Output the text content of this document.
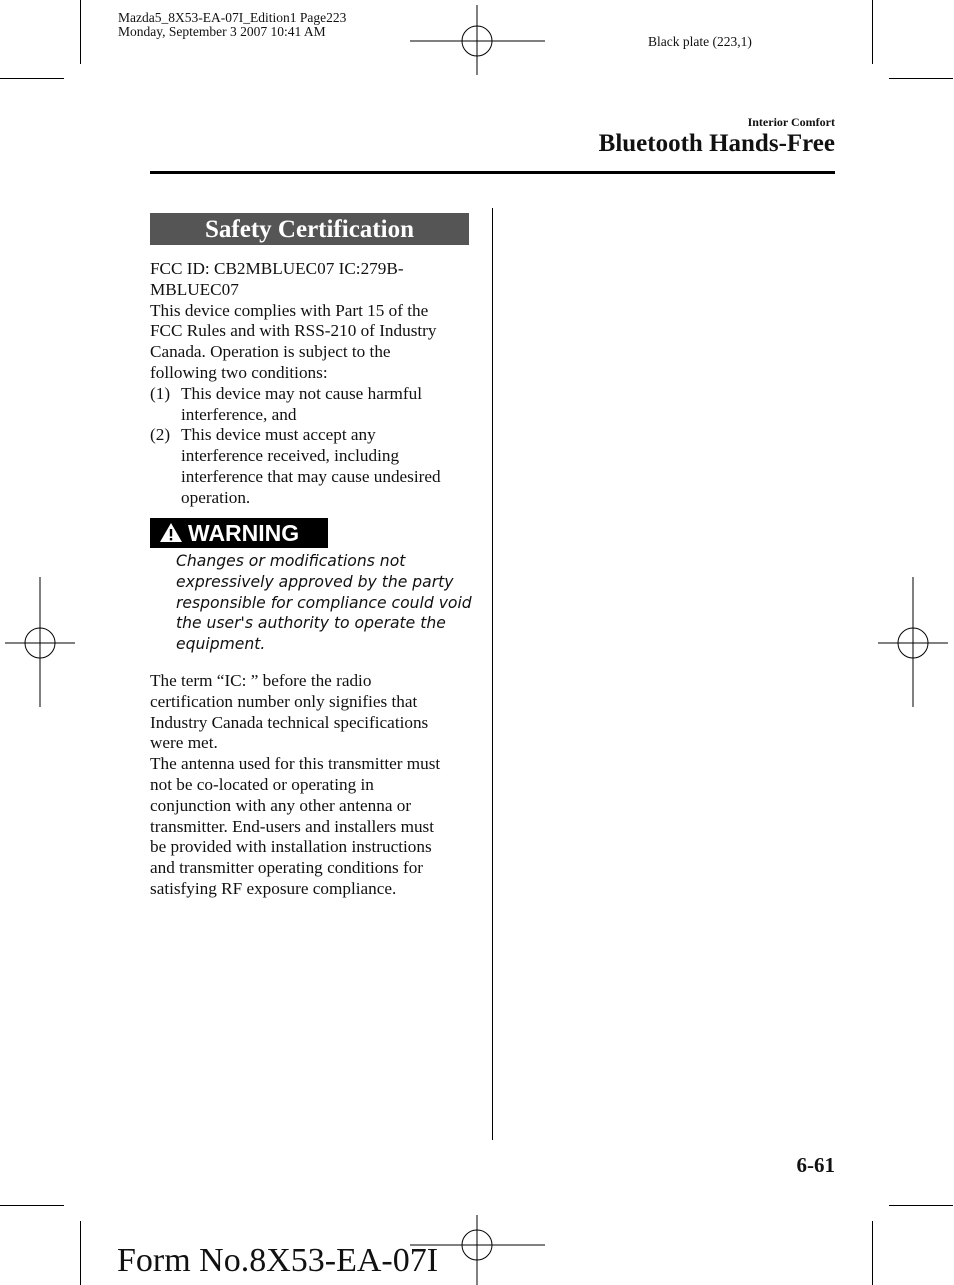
Mazda5_8X53-EA-07I_Edition1 Page223
Monday, September 3 2007 10:41 AM
Black plate (223,1)
Interior Comfort
Bluetooth Hands-Free
Safety Certification

FCC ID: CB2MBLUEC07 IC:279B-

MBLUEC07

This device complies with Part 15 of the

FCC Rules and with RSS-210 of Industry

Canada. Operation is subject to the

following two conditions:

(1) This device may not cause harmful

interference, and

(2) This device must accept any

interference received, including

interference that may cause undesired

operation.

WARNING
Changes or modifications not
expressively approved by the party
responsible for compliance could void
the user's authority to operate the
equipment.

The term “IC: ” before the radio

certification number only signifies that

Industry Canada technical specifications

were met.

The antenna used for this transmitter must

not be co-located or operating in

conjunction with any other antenna or

transmitter. End-users and installers must

be provided with installation instructions

and transmitter operating conditions for

satisfying RF exposure compliance.

6-61
Form No.8X53-EA-07I
